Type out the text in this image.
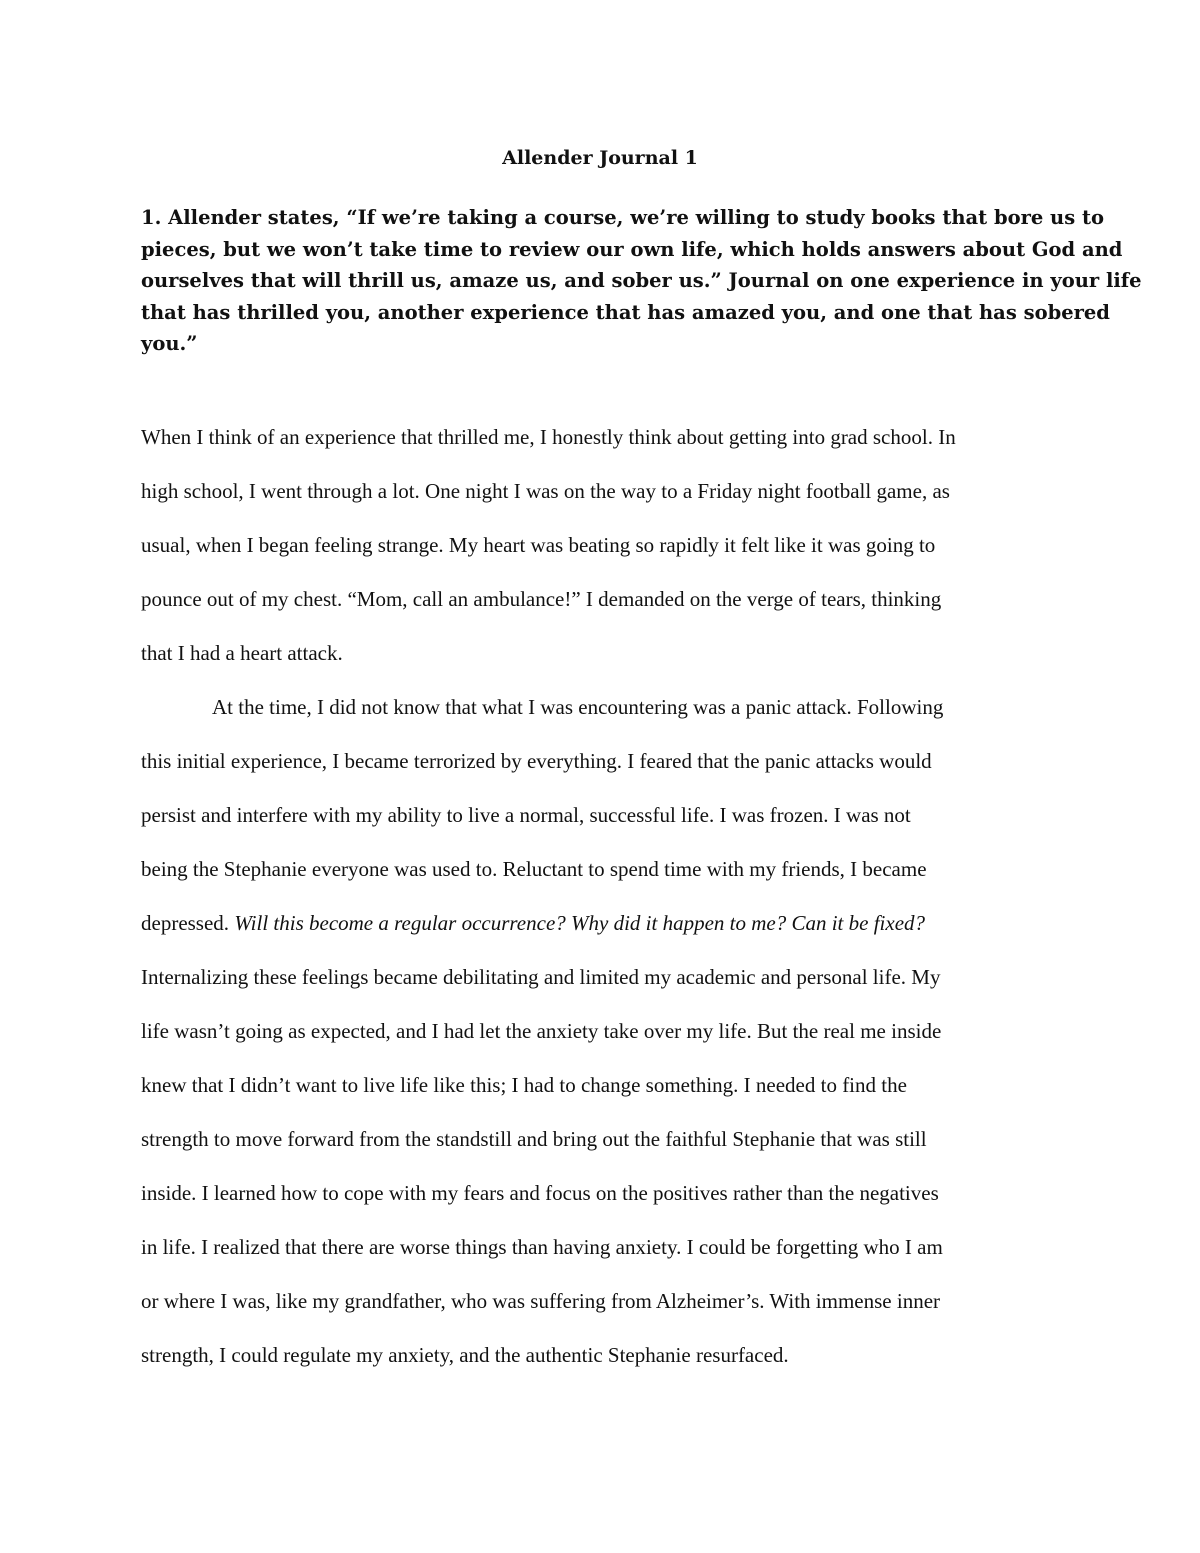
Allender Journal 1

1. Allender states, “If we’re taking a course, we’re willing to study books that bore us to
pieces, but we won’t take time to review our own life, which holds answers about God and
ourselves that will thrill us, amaze us, and sober us.” Journal on one experience in your life
that has thrilled you, another experience that has amazed you, and one that has sobered
you.”

When I think of an experience that thrilled me, I honestly think about getting into grad school. In
high school, I went through a lot. One night I was on the way to a Friday night football game, as
usual, when I began feeling strange. My heart was beating so rapidly it felt like it was going to
pounce out of my chest. “Mom, call an ambulance!” I demanded on the verge of tears, thinking
that I had a heart attack.
At the time, I did not know that what I was encountering was a panic attack. Following
this initial experience, I became terrorized by everything. I feared that the panic attacks would
persist and interfere with my ability to live a normal, successful life. I was frozen. I was not
being the Stephanie everyone was used to. Reluctant to spend time with my friends, I became
depressed. Will this become a regular occurrence? Why did it happen to me? Can it be fixed?
Internalizing these feelings became debilitating and limited my academic and personal life. My
life wasn’t going as expected, and I had let the anxiety take over my life. But the real me inside
knew that I didn’t want to live life like this; I had to change something. I needed to find the
strength to move forward from the standstill and bring out the faithful Stephanie that was still
inside. I learned how to cope with my fears and focus on the positives rather than the negatives
in life. I realized that there are worse things than having anxiety. I could be forgetting who I am
or where I was, like my grandfather, who was suffering from Alzheimer’s. With immense inner
strength, I could regulate my anxiety, and the authentic Stephanie resurfaced.
